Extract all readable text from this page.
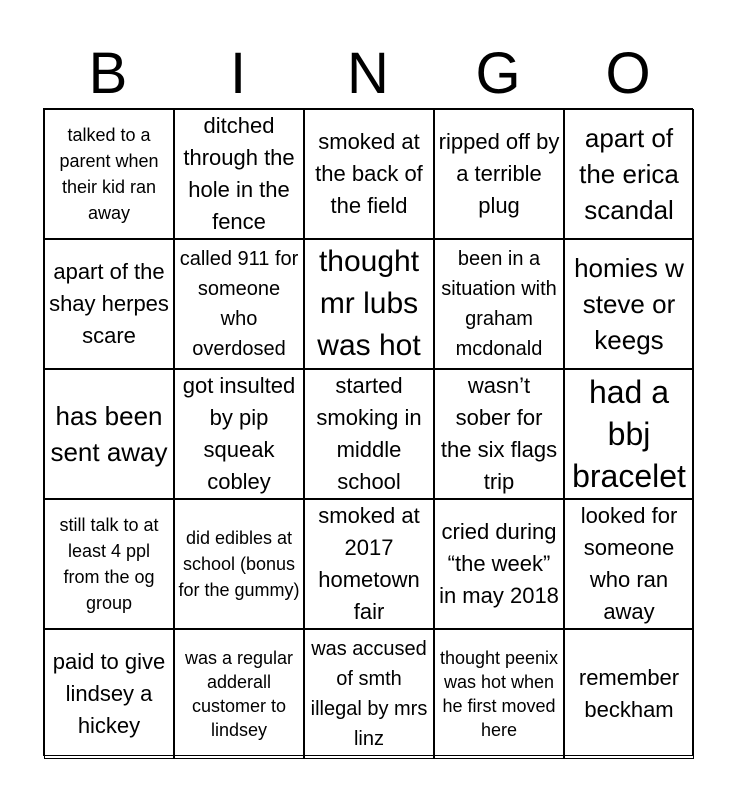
B	I	N	G	O
talked to a parent when their kid ran away
ditched through the hole in the fence
smoked at the back of the field
ripped off by a terrible plug
apart of the erica scandal
apart of the shay herpes scare
called 911 for someone who overdosed
thought mr lubs was hot
been in a situation with graham mcdonald
homies w steve or keegs
has been sent away
got insulted by pip squeak cobley
started smoking in middle school
wasn’t sober for the six flags trip
had a bbj bracelet
still talk to at least 4 ppl from the og group
did edibles at school (bonus for the gummy)
smoked at 2017 hometown fair
cried during “the week” in may 2018
looked for someone who ran away
paid to give lindsey a hickey
was a regular adderall customer to lindsey
was accused of smth illegal by mrs linz
thought peenix was hot when he first moved here
remember beckham
